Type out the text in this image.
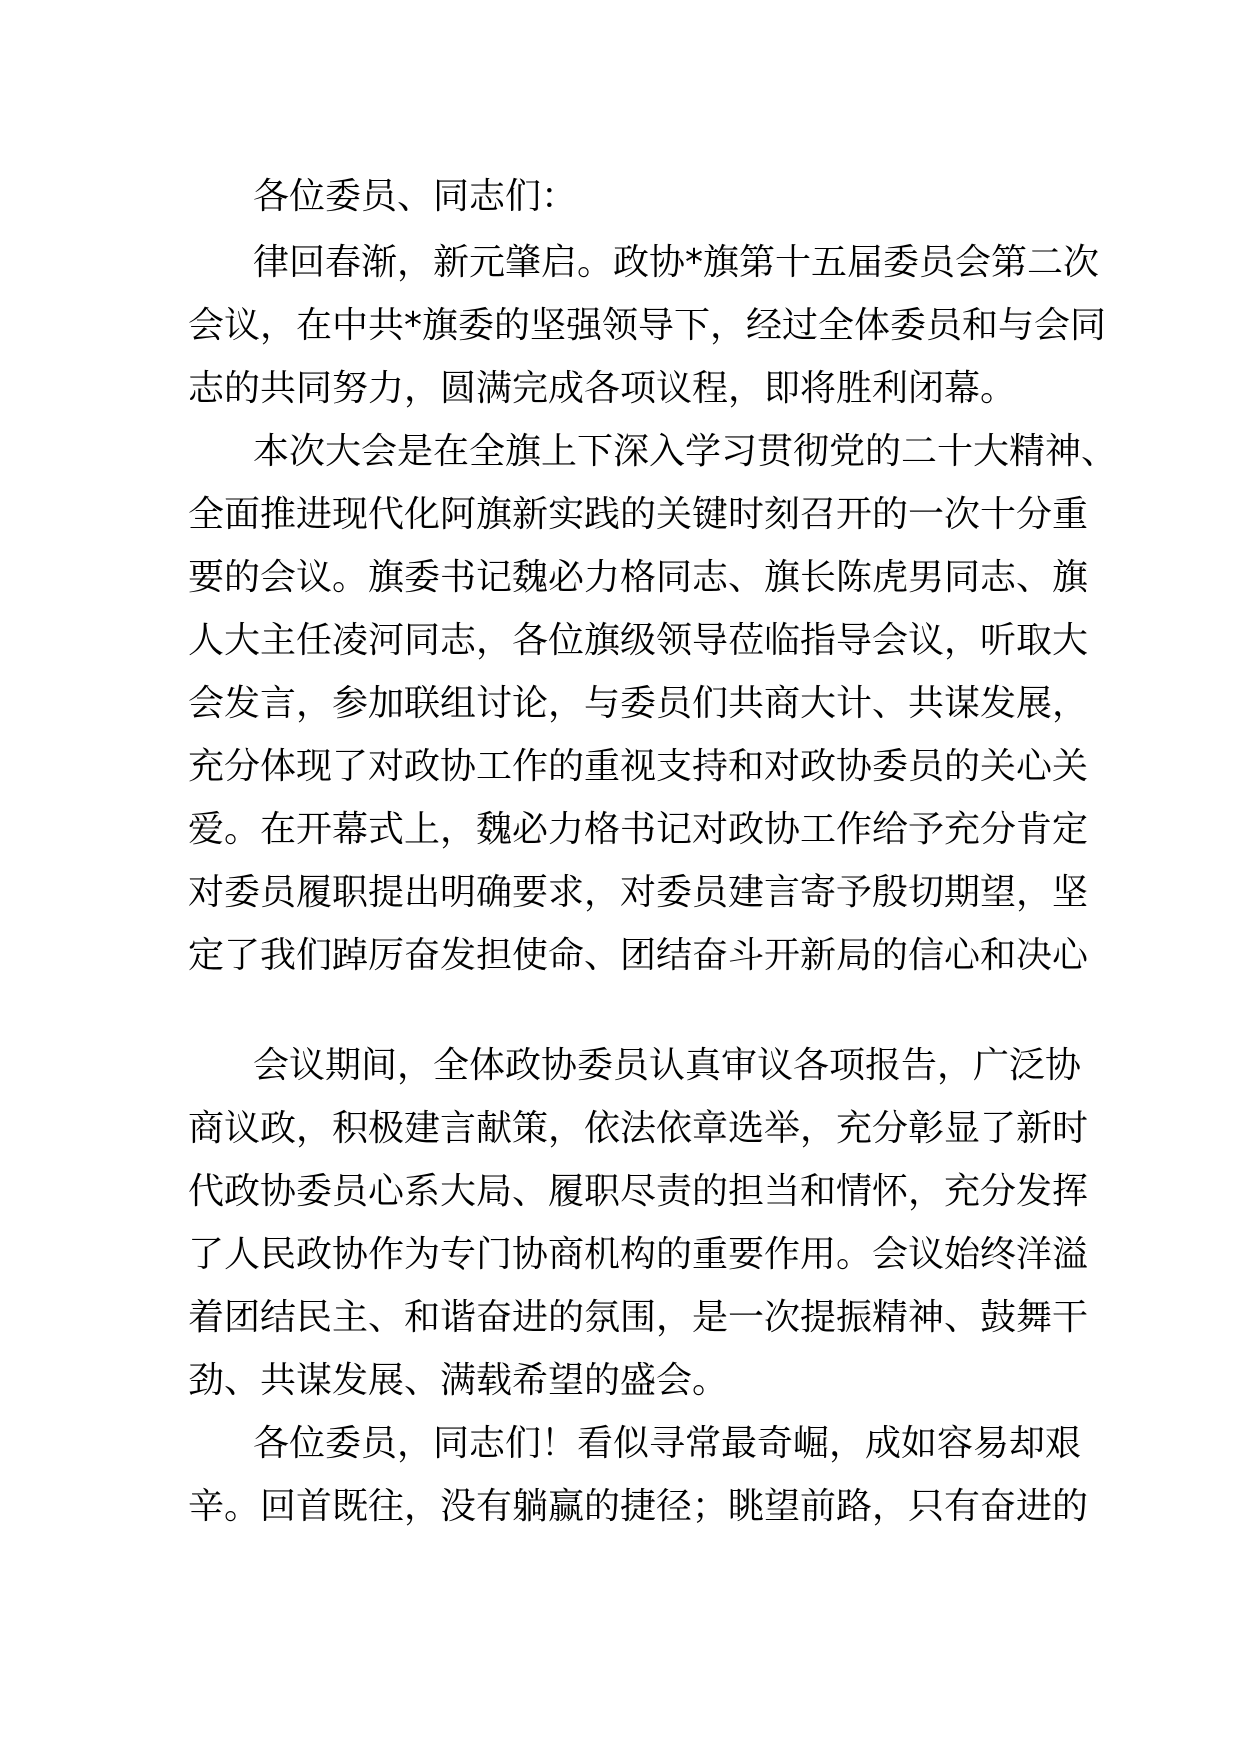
各位委员、同志们：
律回春渐，新元肇启。政协*旗第十五届委员会第二次
会议，在中共*旗委的坚强领导下，经过全体委员和与会同
志的共同努力，圆满完成各项议程，即将胜利闭幕。
本次大会是在全旗上下深入学习贯彻党的二十大精神、
全面推进现代化阿旗新实践的关键时刻召开的一次十分重
要的会议。旗委书记魏必力格同志、旗长陈虎男同志、旗
人大主任凌河同志，各位旗级领导莅临指导会议，听取大
会发言，参加联组讨论，与委员们共商大计、共谋发展，
充分体现了对政协工作的重视支持和对政协委员的关心关
爱。在开幕式上，魏必力格书记对政协工作给予充分肯定
对委员履职提出明确要求，对委员建言寄予殷切期望，坚
定了我们踔厉奋发担使命、团结奋斗开新局的信心和决心
会议期间，全体政协委员认真审议各项报告，广泛协
商议政，积极建言献策，依法依章选举，充分彰显了新时
代政协委员心系大局、履职尽责的担当和情怀，充分发挥
了人民政协作为专门协商机构的重要作用。会议始终洋溢
着团结民主、和谐奋进的氛围，是一次提振精神、鼓舞干
劲、共谋发展、满载希望的盛会。
各位委员，同志们！看似寻常最奇崛，成如容易却艰
辛。回首既往，没有躺赢的捷径；眺望前路，只有奋进的
